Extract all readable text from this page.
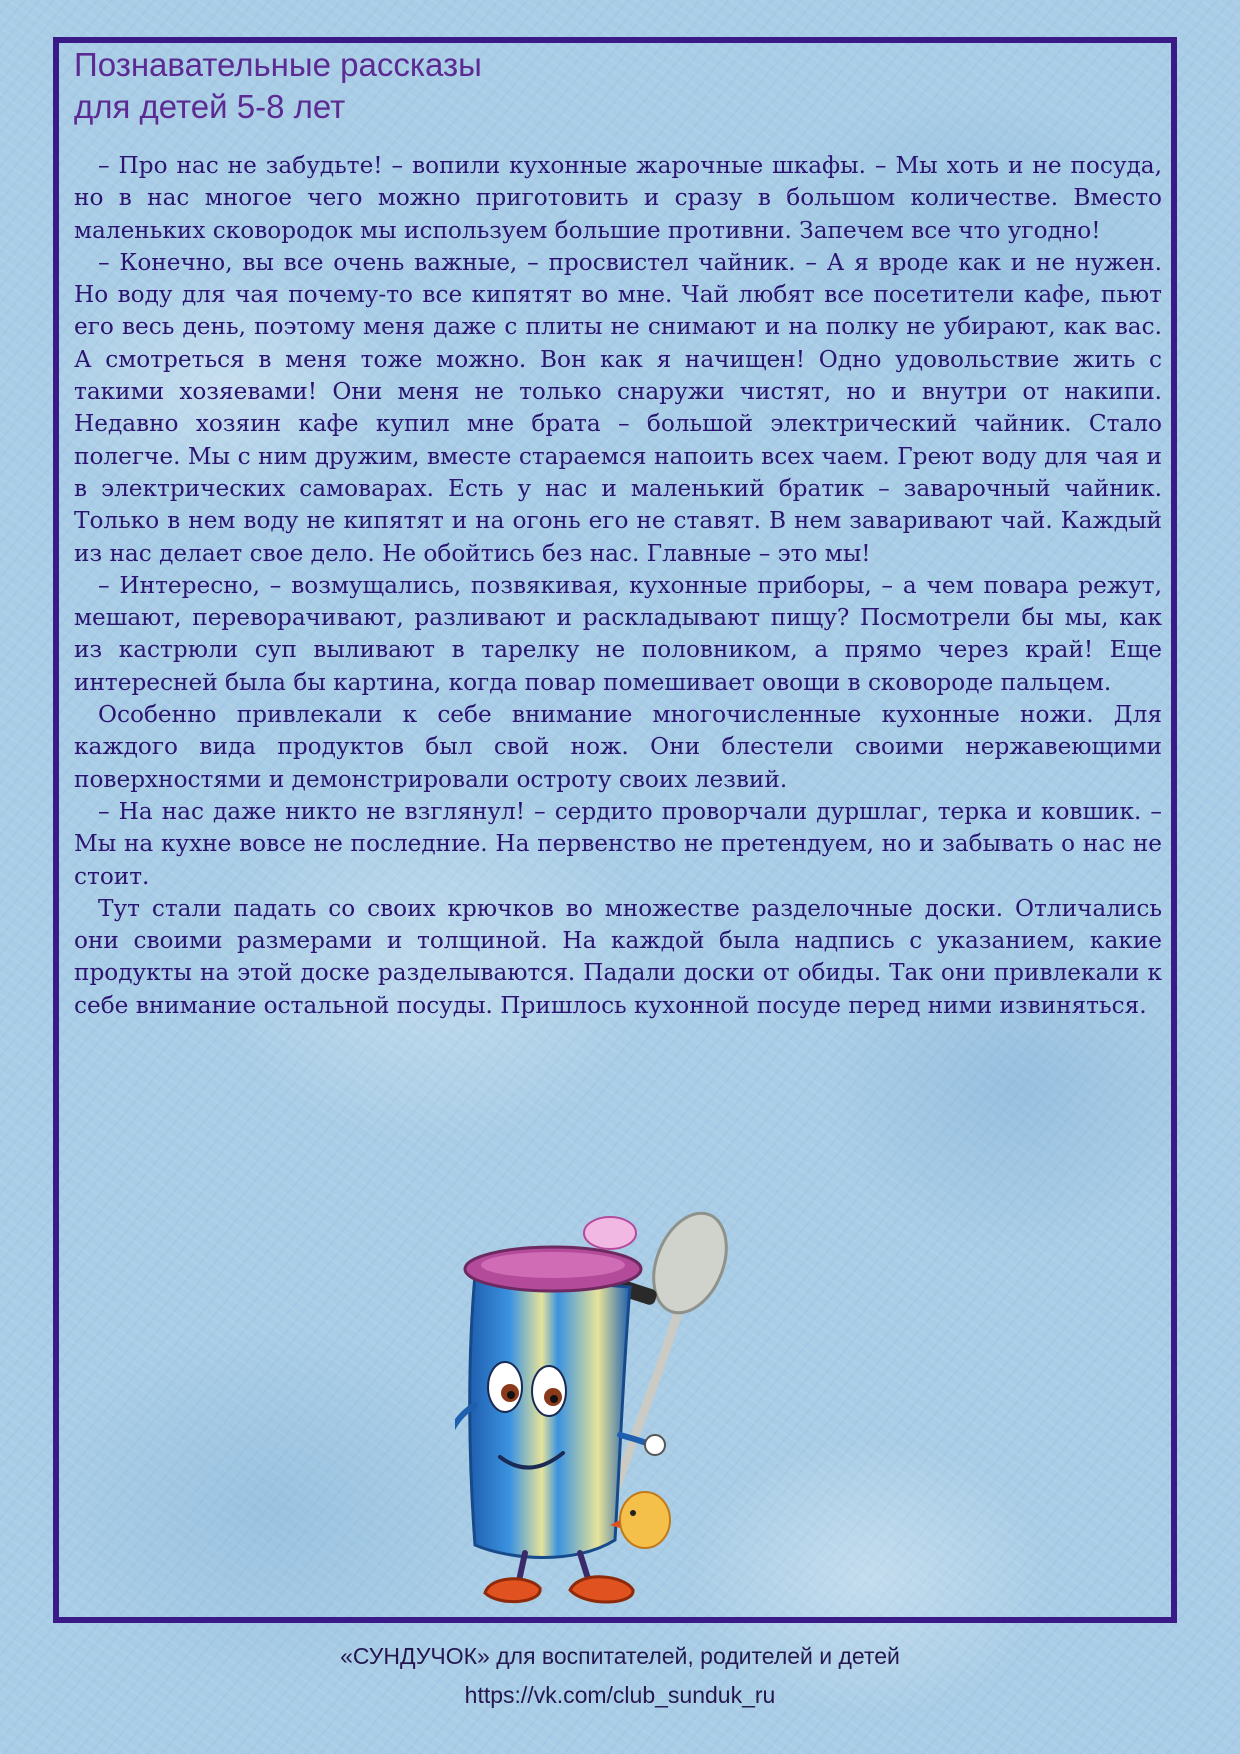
Познавательные рассказы
для детей 5-8 лет

– Про нас не забудьте! – вопили кухонные жарочные шкафы. – Мы хоть и не посуда, но в нас многое чего можно приготовить и сразу в большом количестве. Вместо маленьких сковородок мы используем большие противни. Запечем все что угодно!

– Конечно, вы все очень важные, – просвистел чайник. – А я вроде как и не нужен. Но воду для чая почему-то все кипятят во мне. Чай любят все посетители кафе, пьют его весь день, поэтому меня даже с плиты не снимают и на полку не убирают, как вас. А смотреться в меня тоже можно. Вон как я начищен! Одно удовольствие жить с такими хозяевами! Они меня не только снаружи чистят, но и внутри от накипи. Недавно хозяин кафе купил мне брата – большой электрический чайник. Стало полегче. Мы с ним дружим, вместе стараемся напоить всех чаем. Греют воду для чая и в электрических самоварах. Есть у нас и маленький братик – заварочный чайник. Только в нем воду не кипятят и на огонь его не ставят. В нем заваривают чай. Каждый из нас делает свое дело. Не обойтись без нас. Главные – это мы!

– Интересно, – возмущались, позвякивая, кухонные приборы, – а чем повара режут, мешают, переворачивают, разливают и раскладывают пищу? Посмотрели бы мы, как из кастрюли суп выливают в тарелку не половником, а прямо через край! Еще интересней была бы картина, когда повар помешивает овощи в сковороде пальцем.

Особенно привлекали к себе внимание многочисленные кухонные ножи. Для каждого вида продуктов был свой нож. Они блестели своими нержавеющими поверхностями и демонстрировали остроту своих лезвий.

– На нас даже никто не взглянул! – сердито проворчали дуршлаг, терка и ковшик. – Мы на кухне вовсе не последние. На первенство не претендуем, но и забывать о нас не стоит.

Тут стали падать со своих крючков во множестве разделочные доски. Отличались они своими размерами и толщиной. На каждой была надпись с указанием, какие продукты на этой доске разделываются. Падали доски от обиды. Так они привлекали к себе внимание остальной посуды. Пришлось кухонной посуде перед ними извиняться.

«СУНДУЧОК» для воспитателей, родителей и детей
https://vk.com/club_sunduk_ru
